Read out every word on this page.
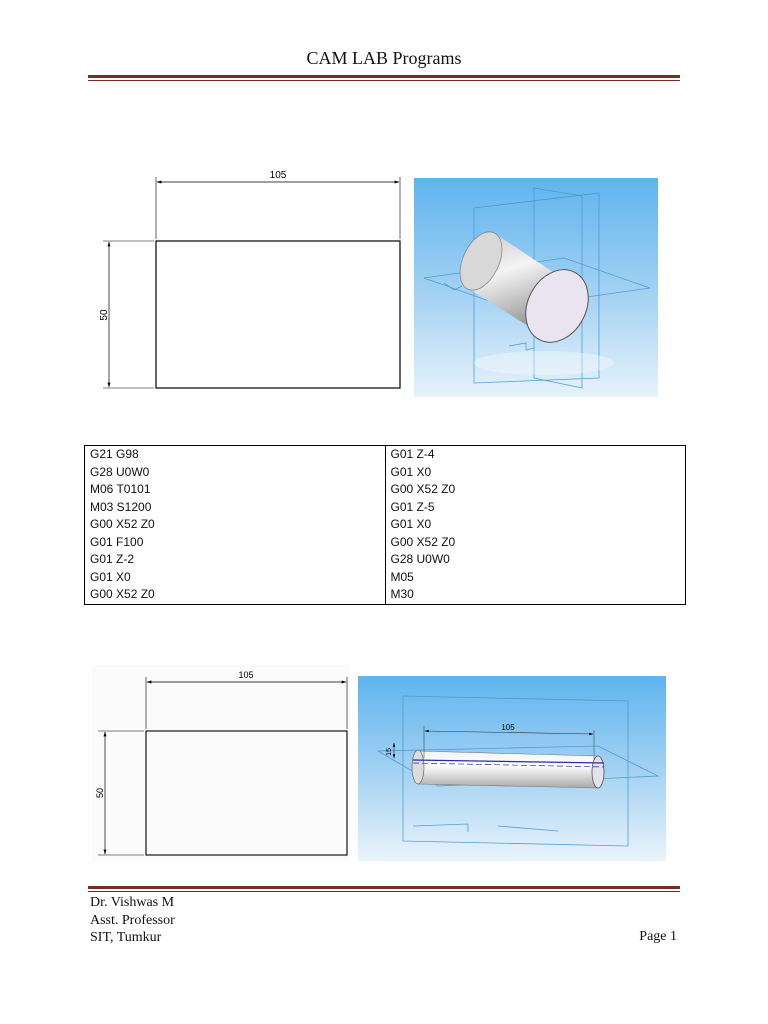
CAM LAB Programs
105
50
G21 G98
G28 U0W0
M06 T0101
M03 S1200
G00 X52 Z0
G01 F100
G01 Z-2
G01 X0
G00 X52 Z0

G01 Z-4
G01 X0
G00 X52 Z0
G01 Z-5
G01 X0
G00 X52 Z0
G28 U0W0
M05
M30
105
50
105
15
Dr. Vishwas M
Asst. Professor
SIT, Tumkur	Page 1
